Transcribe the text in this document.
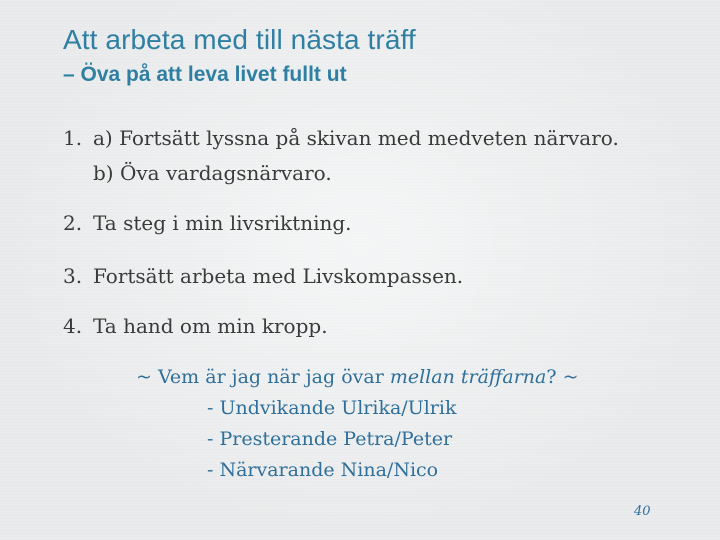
Att arbeta med till nästa träff
– Öva på att leva livet fullt ut
1. a) Fortsätt lyssna på skivan med medveten närvaro.
b) Öva vardagsnärvaro.
2. Ta steg i min livsriktning.
3. Fortsätt arbeta med Livskompassen.
4. Ta hand om min kropp.
~ Vem är jag när jag övar mellan träffarna? ~
- Undvikande Ulrika/Ulrik
- Presterande Petra/Peter
- Närvarande Nina/Nico
40
